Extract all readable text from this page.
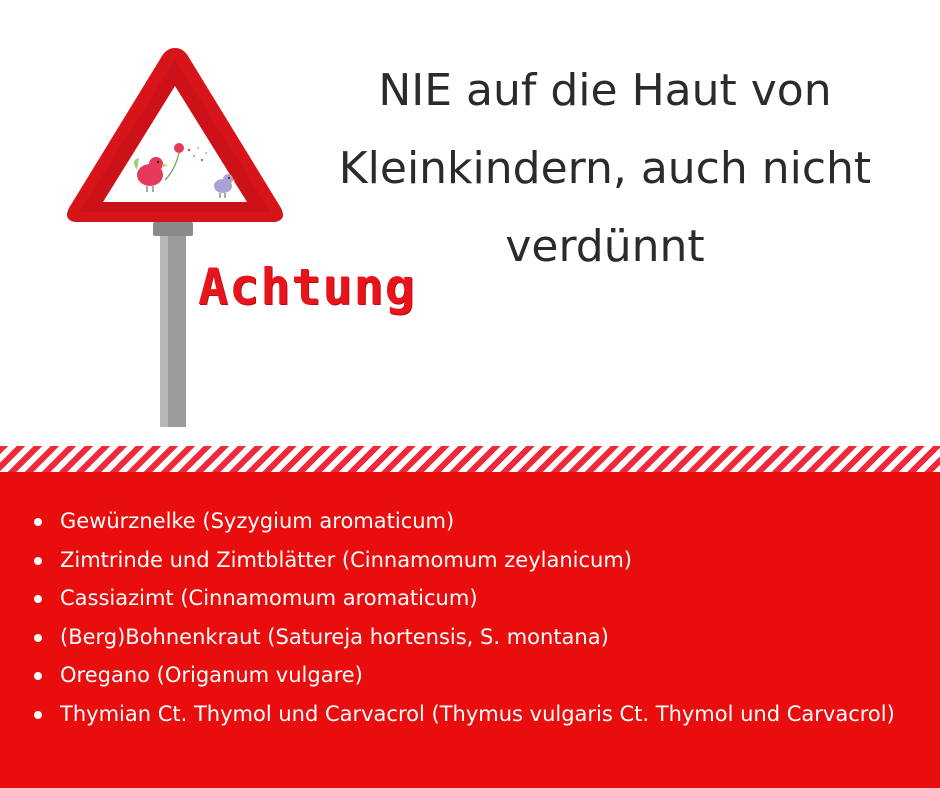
Achtung
NIE auf die Haut von Kleinkindern, auch nicht verdünnt
Gewürznelke (Syzygium aromaticum)
Zimtrinde und Zimtblätter (Cinnamomum zeylanicum)
Cassiazimt (Cinnamomum aromaticum)
(Berg)Bohnenkraut (Satureja hortensis, S. montana)
Oregano (Origanum vulgare)
Thymian Ct. Thymol und Carvacrol (Thymus vulgaris Ct. Thymol und Carvacrol)
